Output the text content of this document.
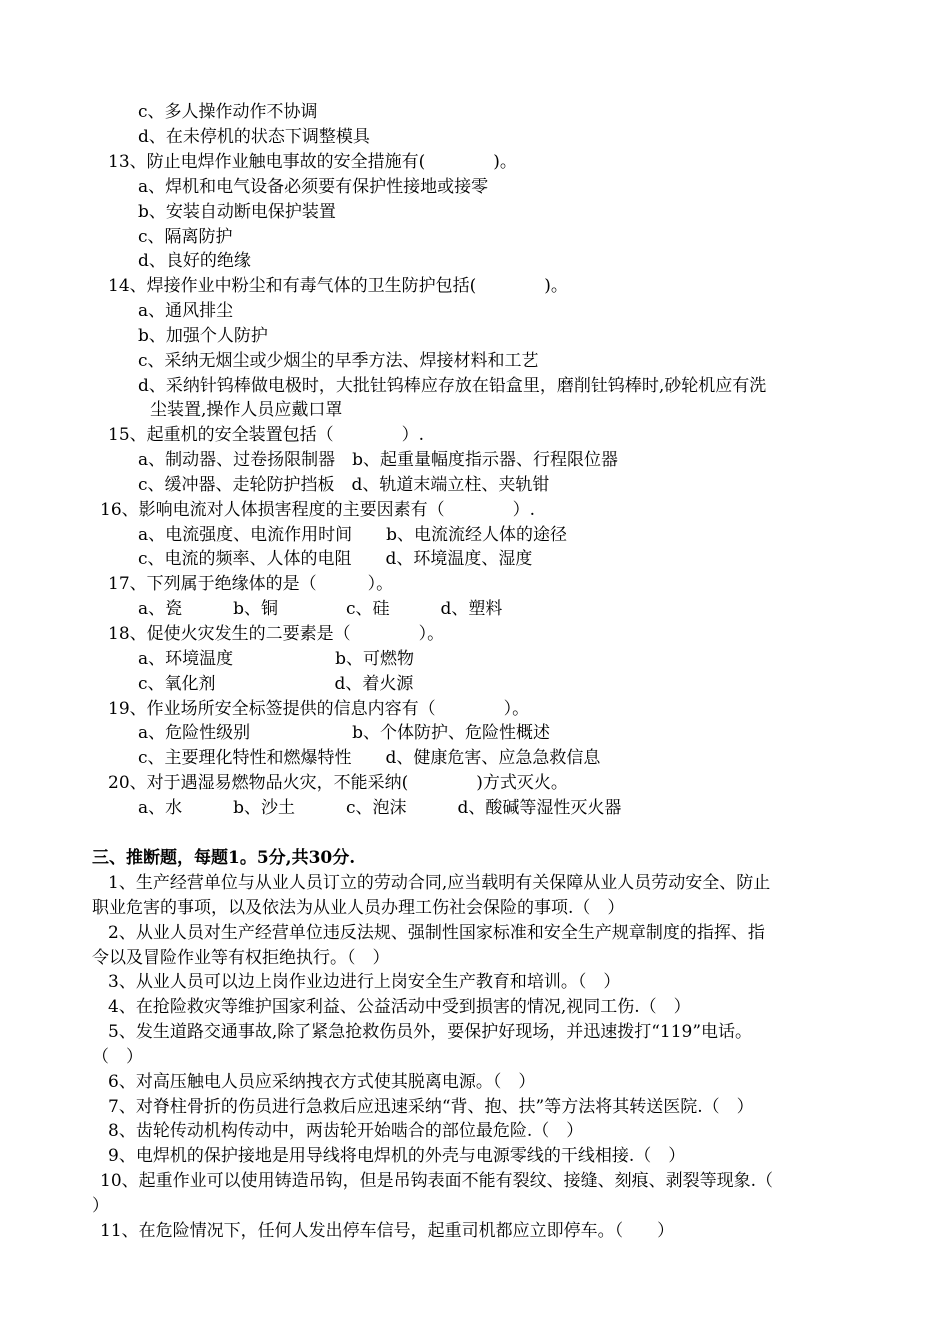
c、多人操作动作不协调
d、在未停机的状态下调整模具
13、防止电焊作业触电事故的安全措施有(　　　　)。
a、焊机和电气设备必须要有保护性接地或接零
b、安装自动断电保护装置
c、隔离防护
d、良好的绝缘
14、焊接作业中粉尘和有毒气体的卫生防护包括(　　　　)。
a、通风排尘
b、加强个人防护
c、采纳无烟尘或少烟尘的早季方法、焊接材料和工艺
d、采纳针钨棒做电极时，大批钍钨棒应存放在铅盒里，磨削钍钨棒时,砂轮机应有洗
尘装置,操作人员应戴口罩
15、起重机的安全装置包括（　　　　）.
a、制动器、过卷扬限制器　b、起重量幅度指示器、行程限位器
c、缓冲器、走轮防护挡板　d、轨道末端立柱、夹轨钳
16、影响电流对人体损害程度的主要因素有（　　　　）.
a、电流强度、电流作用时间　　b、电流流经人体的途径
c、电流的频率、人体的电阻　　d、环境温度、湿度
17、下列属于绝缘体的是（　　　）。
a、瓷　　　b、铜　　　　c、硅　　　d、塑料
18、促使火灾发生的二要素是（　　　　）。
a、环境温度　　　　　　b、可燃物
c、氧化剂　　　　　　　d、着火源
19、作业场所安全标签提供的信息内容有（　　　　）。
a、危险性级别　　　　　　b、个体防护、危险性概述
c、主要理化特性和燃爆特性　　d、健康危害、应急急救信息
20、对于遇湿易燃物品火灾，不能采纳(　　　　)方式灭火。
a、水　　　b、沙土　　　c、泡沫　　　d、酸碱等湿性灭火器
三、推断题，每题1。5分,共30分.
1、生产经营单位与从业人员订立的劳动合同,应当载明有关保障从业人员劳动安全、防止
职业危害的事项，以及依法为从业人员办理工伤社会保险的事项.（　）
2、从业人员对生产经营单位违反法规、强制性国家标准和安全生产规章制度的指挥、指
令以及冒险作业等有权拒绝执行。（　）
3、从业人员可以边上岗作业边进行上岗安全生产教育和培训。（　）
4、在抢险救灾等维护国家利益、公益活动中受到损害的情况,视同工伤.（　）
5、发生道路交通事故,除了紧急抢救伤员外，要保护好现场，并迅速拨打“119”电话。
（　）
6、对高压触电人员应采纳拽衣方式使其脱离电源。（　）
7、对脊柱骨折的伤员进行急救后应迅速采纳“背、抱、扶”等方法将其转送医院.（　）
8、齿轮传动机构传动中，两齿轮开始啮合的部位最危险.（　）
9、电焊机的保护接地是用导线将电焊机的外壳与电源零线的干线相接.（　）
10、起重作业可以使用铸造吊钩，但是吊钩表面不能有裂纹、接缝、刻痕、剥裂等现象.（
）
11、在危险情况下，任何人发出停车信号，起重司机都应立即停车。（　　）
